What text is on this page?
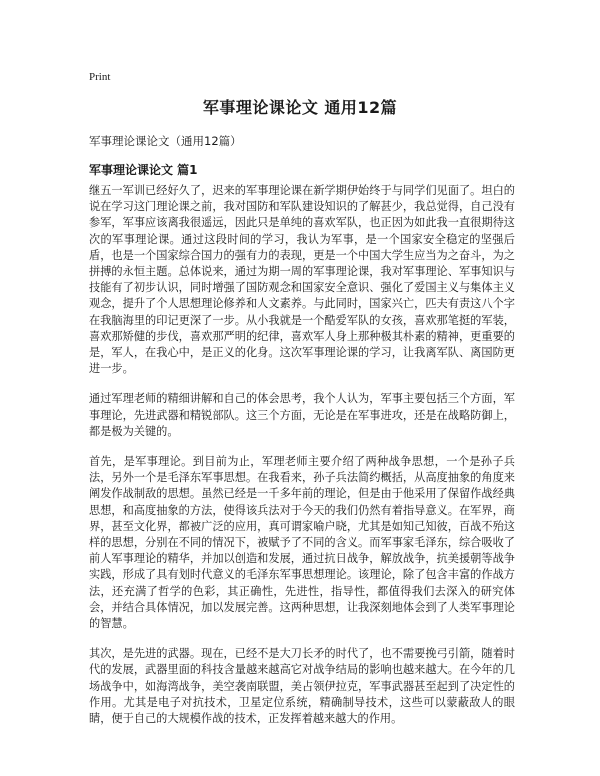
Print
军事理论课论文 通用12篇
军事理论课论文（通用12篇）
军事理论课论文 篇1

继五一军训已经好久了，迟来的军事理论课在新学期伊始终于与同学们见面了。坦白的说在学习这门理论课之前，我对国防和军队建设知识的了解甚少，我总觉得，自己没有参军，军事应该离我很遥远，因此只是单纯的喜欢军队，也正因为如此我一直很期待这次的军事理论课。通过这段时间的学习，我认为军事，是一个国家安全稳定的坚强后盾，也是一个国家综合国力的强有力的表现，更是一个中国大学生应当为之奋斗，为之拼搏的永恒主题。总体说来，通过为期一周的军事理论课，我对军事理论、军事知识与技能有了初步认识，同时增强了国防观念和国家安全意识、强化了爱国主义与集体主义观念，提升了个人思想理论修养和人文素养。与此同时，国家兴亡，匹夫有责这八个字在我脑海里的印记更深了一步。从小我就是一个酷爱军队的女孩，喜欢那笔挺的军装，喜欢那矫健的步伐，喜欢那严明的纪律，喜欢军人身上那种极其朴素的精神，更重要的是，军人，在我心中，是正义的化身。这次军事理论课的学习，让我离军队、离国防更进一步。

通过军理老师的精细讲解和自己的体会思考，我个人认为，军事主要包括三个方面，军事理论，先进武器和精锐部队。这三个方面，无论是在军事进攻，还是在战略防御上，都是极为关键的。

首先，是军事理论。到目前为止，军理老师主要介绍了两种战争思想，一个是孙子兵法，另外一个是毛泽东军事思想。在我看来，孙子兵法简约概括，从高度抽象的角度来阐发作战制敌的思想。虽然已经是一千多年前的理论，但是由于他采用了保留作战经典思想，和高度抽象的方法，使得该兵法对于今天的我们仍然有着指导意义。在军界，商界，甚至文化界，都被广泛的应用，真可谓家喻户晓，尤其是如知己知彼，百战不殆这样的思想，分别在不同的情况下，被赋予了不同的含义。而军事家毛泽东，综合吸收了前人军事理论的精华，并加以创造和发展，通过抗日战争，解放战争，抗美援朝等战争实践，形成了具有划时代意义的毛泽东军事思想理论。该理论，除了包含丰富的作战方法，还充满了哲学的色彩，其正确性，先进性，指导性，都值得我们去深入的研究体会，并结合具体情况，加以发展完善。这两种思想，让我深刻地体会到了人类军事理论的智慧。

其次，是先进的武器。现在，已经不是大刀长矛的时代了，也不需要挽弓引箭，随着时代的发展，武器里面的科技含量越来越高它对战争结局的影响也越来越大。在今年的几场战争中，如海湾战争，美空袭南联盟，美占领伊拉克，军事武器甚至起到了决定性的作用。尤其是电子对抗技术，卫星定位系统，精确制导技术，这些可以蒙蔽敌人的眼睛，便于自己的大规模作战的技术，正发挥着越来越大的作用。
